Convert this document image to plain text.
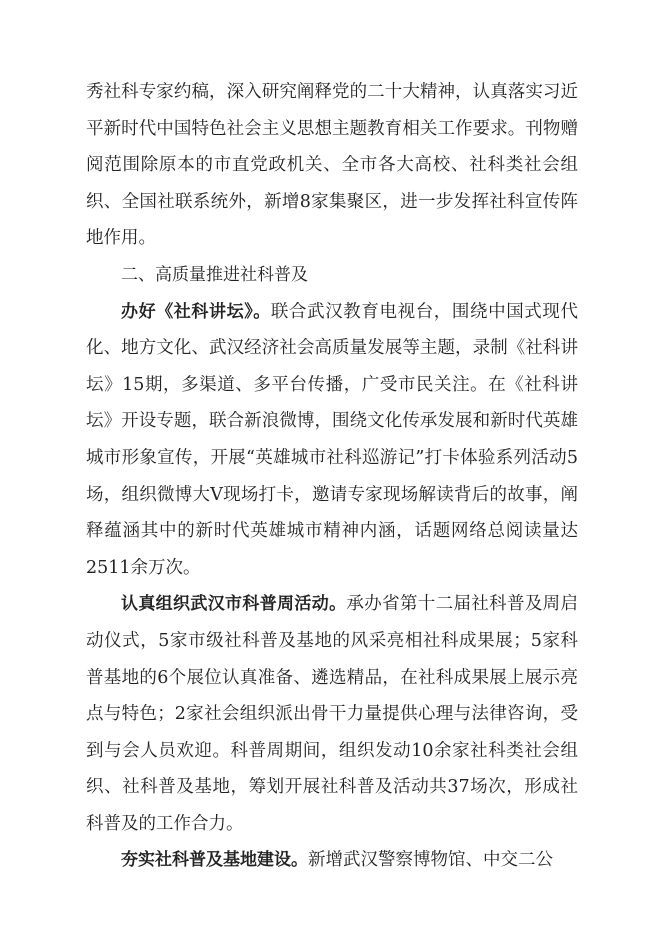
秀社科专家约稿，深入研究阐释党的二十大精神，认真落实习近平新时代中国特色社会主义思想主题教育相关工作要求。刊物赠阅范围除原本的市直党政机关、全市各大高校、社科类社会组织、全国社联系统外，新增8家集聚区，进一步发挥社科宣传阵地作用。

二、高质量推进社科普及

办好《社科讲坛》。联合武汉教育电视台，围绕中国式现代化、地方文化、武汉经济社会高质量发展等主题，录制《社科讲坛》15期，多渠道、多平台传播，广受市民关注。在《社科讲坛》开设专题，联合新浪微博，围绕文化传承发展和新时代英雄城市形象宣传，开展“英雄城市社科巡游记”打卡体验系列活动5场，组织微博大V现场打卡，邀请专家现场解读背后的故事，阐释蕴涵其中的新时代英雄城市精神内涵，话题网络总阅读量达2511余万次。

认真组织武汉市科普周活动。承办省第十二届社科普及周启动仪式，5家市级社科普及基地的风采亮相社科成果展；5家科普基地的6个展位认真准备、遴选精品，在社科成果展上展示亮点与特色；2家社会组织派出骨干力量提供心理与法律咨询，受到与会人员欢迎。科普周期间，组织发动10余家社科类社会组织、社科普及基地，筹划开展社科普及活动共37场次，形成社科普及的工作合力。

夯实社科普及基地建设。新增武汉警察博物馆、中交二公
